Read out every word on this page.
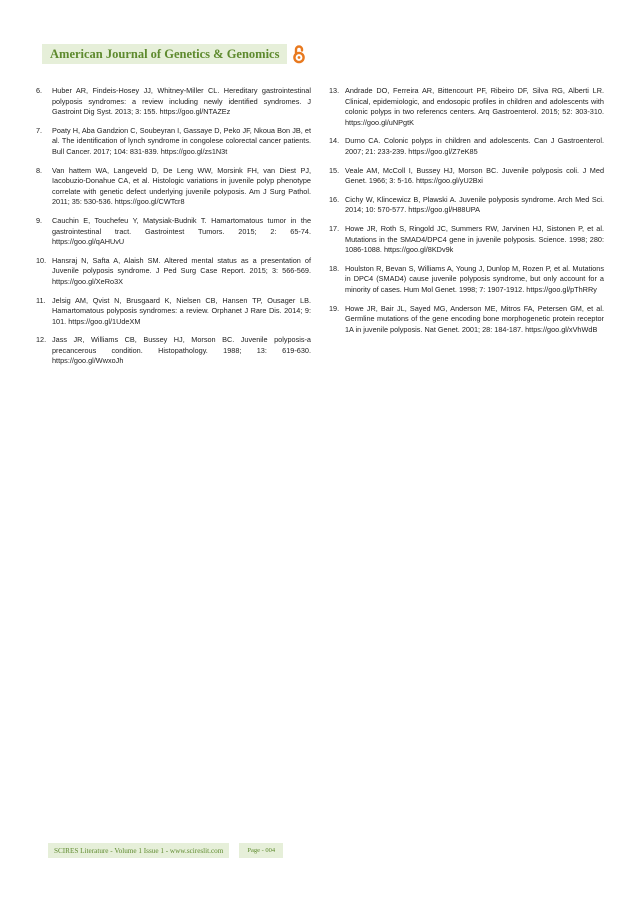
American Journal of Genetics & Genomics
6.	Huber AR, Findeis-Hosey JJ, Whitney-Miller CL. Hereditary gastrointestinal polyposis syndromes: a review including newly identified syndromes. J Gastroint Dig Syst. 2013; 3: 155. https://goo.gl/NTAZEz
7.	Poaty H, Aba Gandzion C, Soubeyran I, Gassaye D, Peko JF, Nkoua Bon JB, et al. The identification of lynch syndrome in congolese colorectal cancer patients. Bull Cancer. 2017; 104: 831-839. https://goo.gl/zs1N3t
8.	Van hattem WA, Langeveld D, De Leng WW, Morsink FH, van Diest PJ, Iacobuzio-Donahue CA, et al. Histologic variations in juvenile polyp phenotype correlate with genetic defect underlying juvenile polyposis. Am J Surg Pathol. 2011; 35: 530-536. https://goo.gl/CWTcr8
9.	Cauchin E, Touchefeu Y, Matysiak-Budnik T. Hamartomatous tumor in the gastrointestinal tract. Gastrointest Tumors. 2015; 2: 65-74. https://goo.gl/qAHUvU
10. Hansraj N, Safta A, Alaish SM. Altered mental status as a presentation of Juvenile polyposis syndrome. J Ped Surg Case Report. 2015; 3: 566-569. https://goo.gl/XeRo3X
11. Jelsig AM, Qvist N, Brusgaard K, Nielsen CB, Hansen TP, Ousager LB. Hamartomatous polyposis syndromes: a review. Orphanet J Rare Dis. 2014; 9: 101. https://goo.gl/1UdeXM
12. Jass JR, Williams CB, Bussey HJ, Morson BC. Juvenile polyposis-a precancerous condition. Histopathology. 1988; 13: 619-630. https://goo.gl/WwxoJh
13. Andrade DO, Ferreira AR, Bittencourt PF, Ribeiro DF, Silva RG, Alberti LR. Clinical, epidemiologic, and endosopic profiles in children and adolescents with colonic polyps in two referencs centers. Arq Gastroenterol. 2015; 52: 303-310. https://goo.gl/uNPgtK
14. Durno CA. Colonic polyps in children and adolescents. Can J Gastroenterol. 2007; 21: 233-239. https://goo.gl/Z7eK85
15. Veale AM, McColl I, Bussey HJ, Morson BC. Juvenile polyposis coli. J Med Genet. 1966; 3: 5-16. https://goo.gl/yU2Bxi
16. Cichy W, Klincewicz B, Plawski A. Juvenile polyposis syndrome. Arch Med Sci. 2014; 10: 570-577. https://goo.gl/H88UPA
17. Howe JR, Roth S, Ringold JC, Summers RW, Jarvinen HJ, Sistonen P, et al. Mutations in the SMAD4/DPC4 gene in juvenile polyposis. Science. 1998; 280: 1086-1088. https://goo.gl/8KDv9k
18. Houlston R, Bevan S, Williams A, Young J, Dunlop M, Rozen P, et al. Mutations in DPC4 (SMAD4) cause juvenile polyposis syndrome, but only account for a minority of cases. Hum Mol Genet. 1998; 7: 1907-1912. https://goo.gl/pThRRy
19. Howe JR, Bair JL, Sayed MG, Anderson ME, Mitros FA, Petersen GM, et al. Germline mutations of the gene encoding bone morphogenetic protein receptor 1A in juvenile polyposis. Nat Genet. 2001; 28: 184-187. https://goo.gl/xVhWdB
SCIRES Literature - Volume 1 Issue 1 - www.scireslit.com	Page - 004
